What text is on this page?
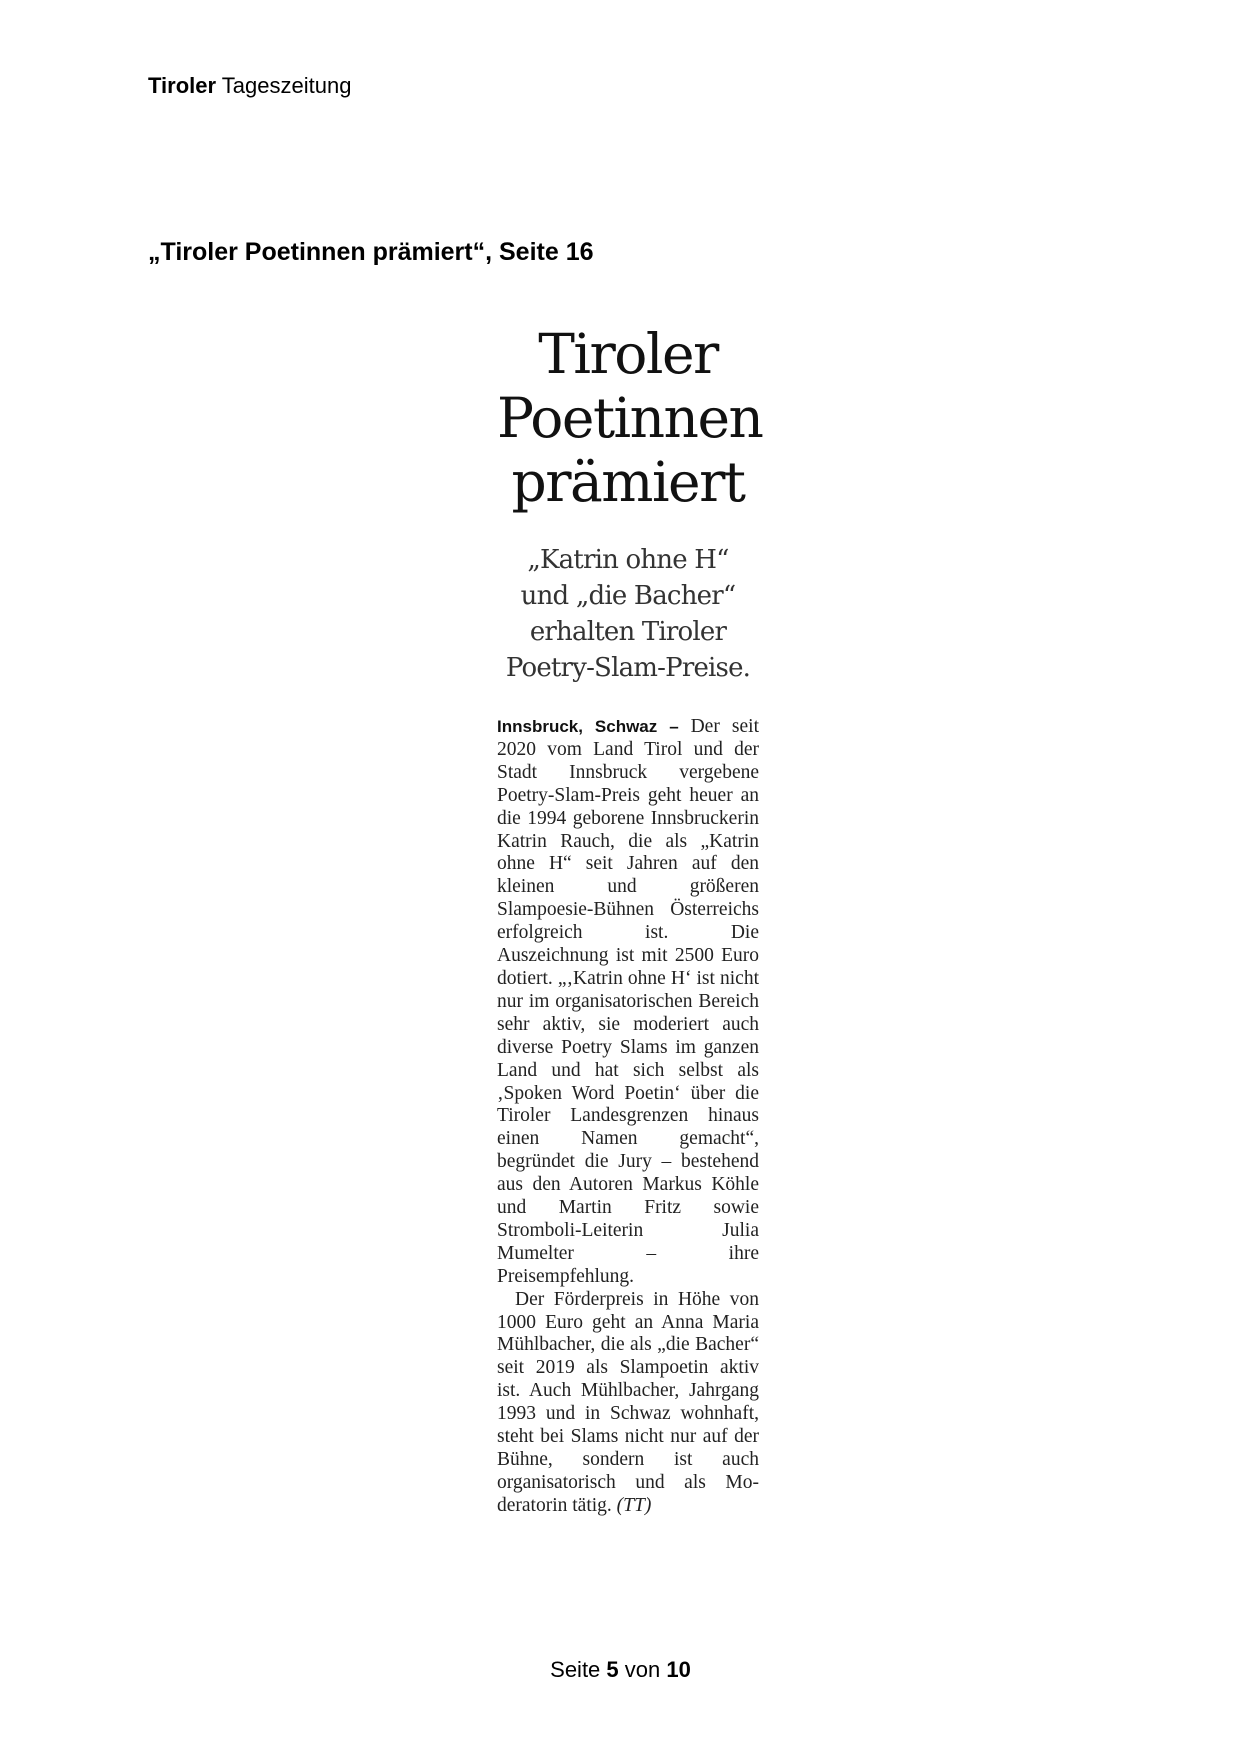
Tiroler Tageszeitung
„Tiroler Poetinnen prämiert“, Seite 16
Tiroler
Poetinnen
prämiert
„Katrin ohne H“
und „die Bacher“
erhalten Tiroler
Poetry-Slam-Preise.
Innsbruck, Schwaz – Der seit 2020 vom Land Tirol und der Stadt Innsbruck vergebene Poetry-Slam-Preis geht heuer an die 1994 geborene Innsbruckerin Katrin Rauch, die als „Katrin ohne H“ seit Jahren auf den kleinen und größeren Slampoesie-Bühnen Österreichs erfolgreich ist. Die Auszeichnung ist mit 2500 Euro dotiert. „‚Katrin ohne H‘ ist nicht nur im organisatorischen Bereich sehr aktiv, sie moderiert auch diverse Poetry Slams im ganzen Land und hat sich selbst als ‚Spoken Word Poetin‘ über die Tiroler Landesgrenzen hinaus einen Namen gemacht“, begründet die Jury – bestehend aus den Autoren Markus Köhle und Martin Fritz sowie Stromboli-Leiterin Julia Mumelter – ihre Preisempfehlung.
Der Förderpreis in Höhe von 1000 Euro geht an Anna Maria Mühlbacher, die als „die Bacher“ seit 2019 als Slampoetin aktiv ist. Auch Mühlbacher, Jahrgang 1993 und in Schwaz wohnhaft, steht bei Slams nicht nur auf der Bühne, sondern ist auch organisatorisch und als Moderatorin tätig. (TT)
Seite 5 von 10
